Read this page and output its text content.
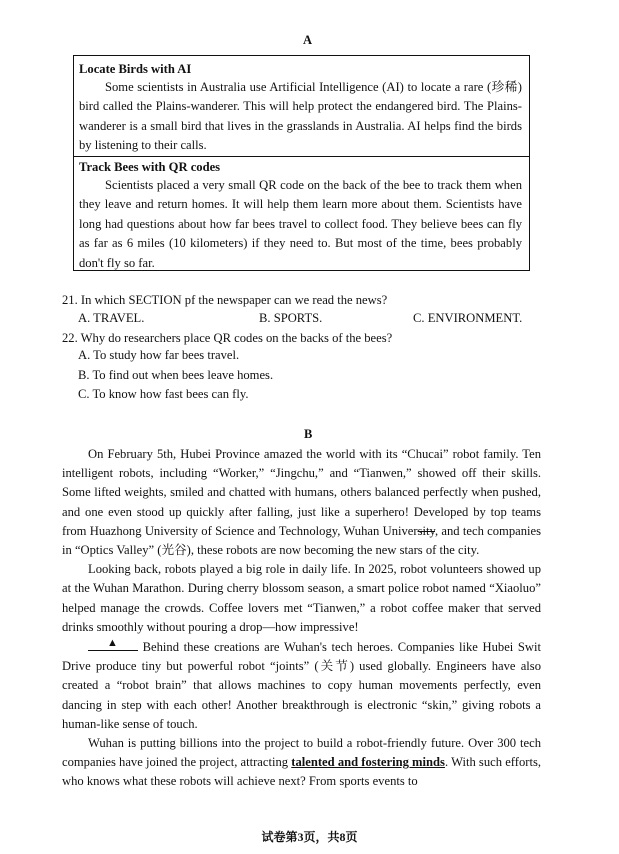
A
Locate Birds with AI
Some scientists in Australia use Artificial Intelligence (AI) to locate a rare (珍稀) bird called the Plains-wanderer. This will help protect the endangered bird. The Plains-wanderer is a small bird that lives in the grasslands in Australia. AI helps find the birds by listening to their calls.
Track Bees with QR codes
Scientists placed a very small QR code on the back of the bee to track them when they leave and return homes. It will help them learn more about them. Scientists have long had questions about how far bees travel to collect food. They believe bees can fly as far as 6 miles (10 kilometers) if they need to. But most of the time, bees probably don't fly so far.
21. In which SECTION pf the newspaper can we read the news?
A. TRAVEL.	B. SPORTS.	C. ENVIRONMENT.
22. Why do researchers place QR codes on the backs of the bees?
A. To study how far bees travel.
B. To find out when bees leave homes.
C. To know how fast bees can fly.
B

On February 5th, Hubei Province amazed the world with its “Chucai” robot family. Ten intelligent robots, including “Worker,” “Jingchu,” and “Tianwen,” showed off their skills. Some lifted weights, smiled and chatted with humans, others balanced perfectly when pushed, and one even stood up quickly after falling, just like a superhero! Developed by top teams from Huazhong University of Science and Technology, Wuhan University, and tech companies in “Optics Valley” (光谷), these robots are now becoming the new stars of the city.

Looking back, robots played a big role in daily life. In 2025, robot volunteers showed up at the Wuhan Marathon. During cherry blossom season, a smart police robot named “Xiaoluo” helped manage the crowds. Coffee lovers met “Tianwen,” a robot coffee maker that served drinks smoothly without pouring a drop—how impressive!

▲ Behind these creations are Wuhan's tech heroes. Companies like Hubei Swit Drive produce tiny but powerful robot “joints” (关节) used globally. Engineers have also created a “robot brain” that allows machines to copy human movements perfectly, even dancing in step with each other! Another breakthrough is electronic “skin,” giving robots a human-like sense of touch.

Wuhan is putting billions into the project to build a robot-friendly future. Over 300 tech companies have joined the project, attracting talented and fostering minds. With such efforts, who knows what these robots will achieve next? From sports events to

试卷第3页，共8页
